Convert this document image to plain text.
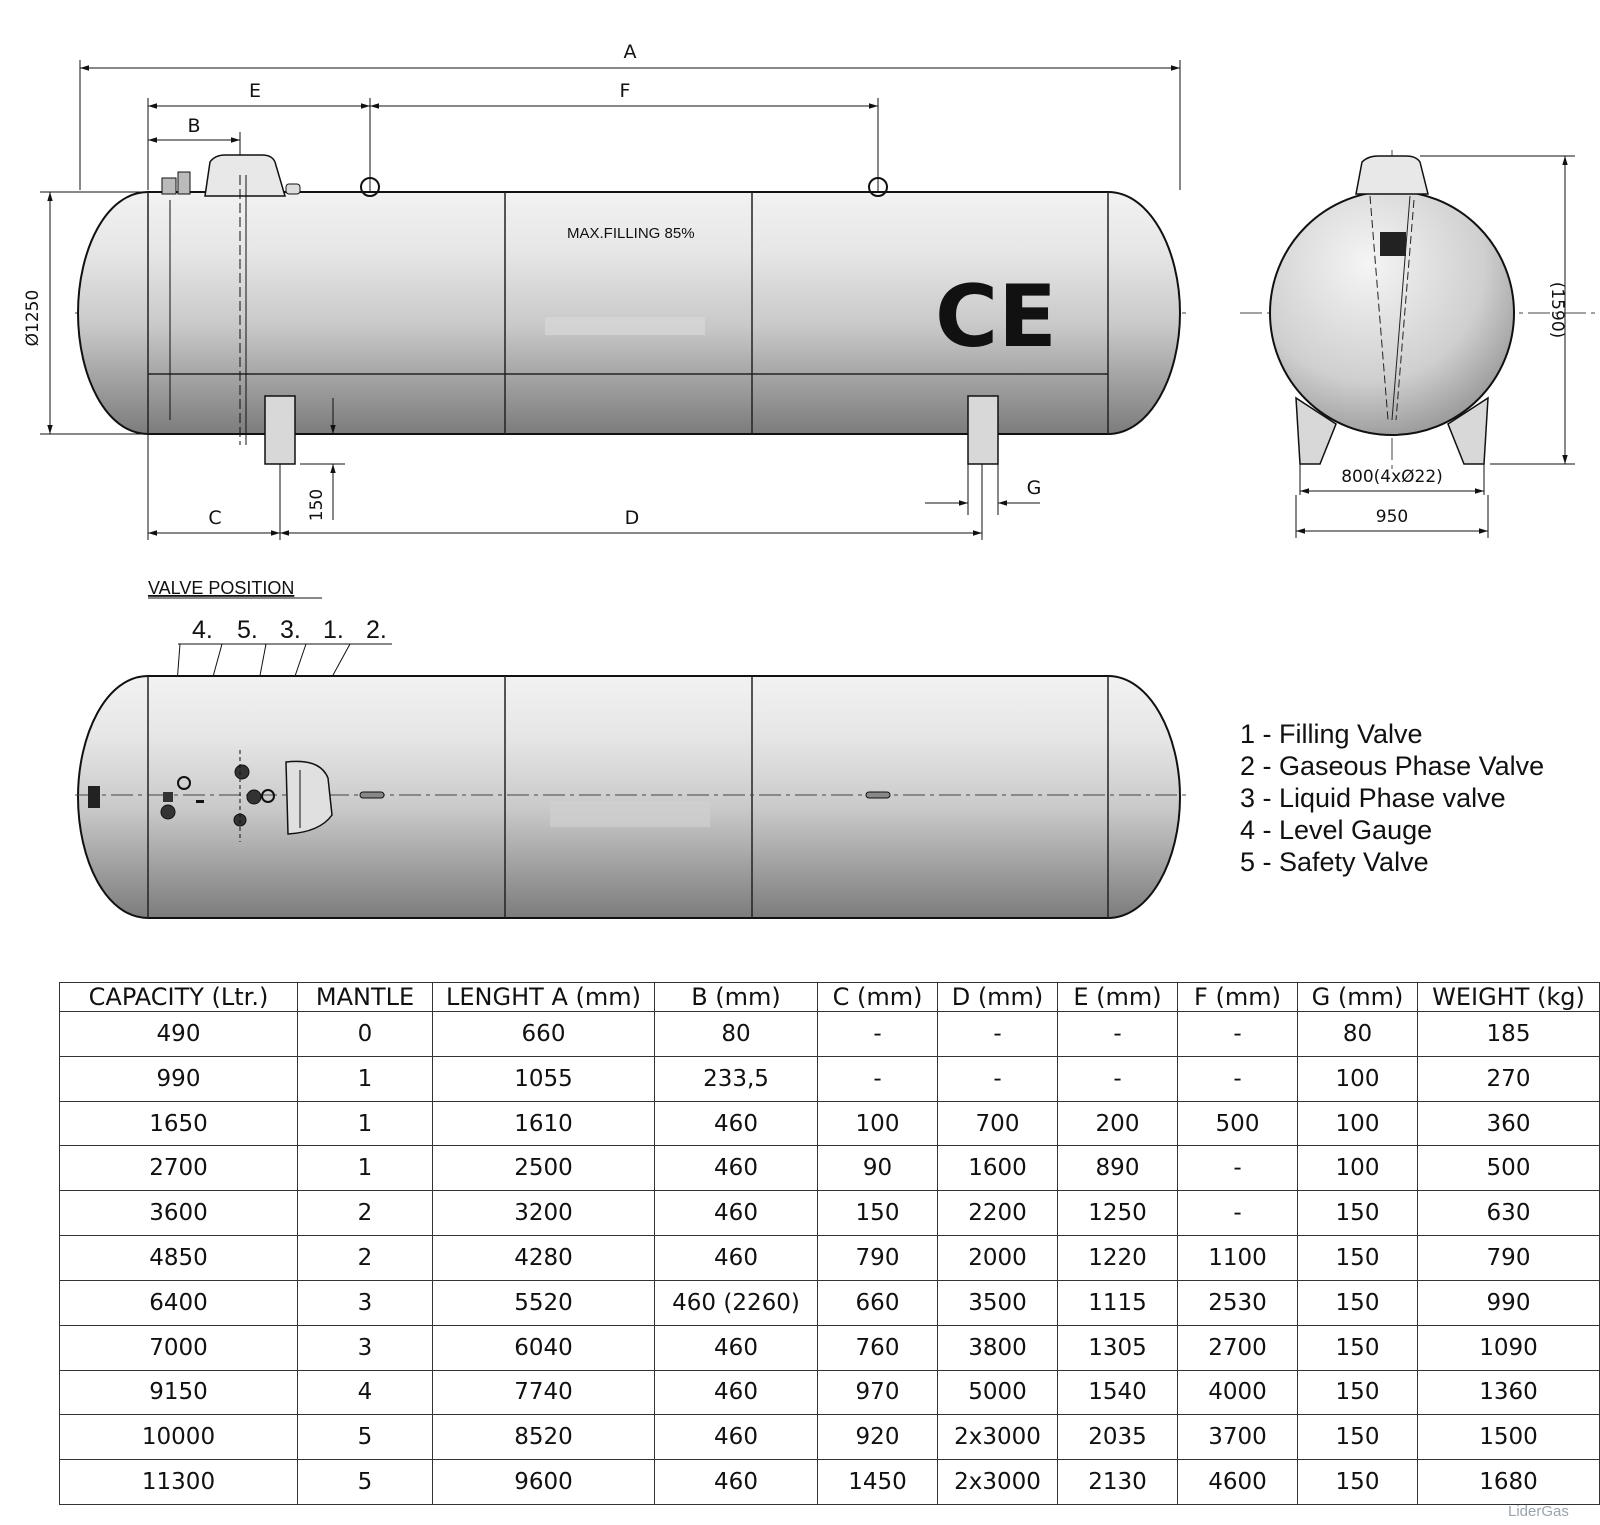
A
E	F
B
Ø1250
MAX.FILLING 85%
CE
150
C	D
G
(1590)
800(4xØ22)
950
VALVE POSITION
4. 5. 3. 1. 2.
1 - Filling Valve
2 - Gaseous Phase Valve
3 - Liquid Phase valve
4 - Level Gauge
5 - Safety Valve
CAPACITY (Ltr.)	MANTLE	LENGHT A (mm)	B (mm)	C (mm)	D (mm)	E (mm)	F (mm)	G (mm)	WEIGHT (kg)
490	0	660	80	-	-	-	-	80	185
990	1	1055	233,5	-	-	-	-	100	270
1650	1	1610	460	100	700	200	500	100	360
2700	1	2500	460	90	1600	890	-	100	500
3600	2	3200	460	150	2200	1250	-	150	630
4850	2	4280	460	790	2000	1220	1100	150	790
6400	3	5520	460 (2260)	660	3500	1115	2530	150	990
7000	3	6040	460	760	3800	1305	2700	150	1090
9150	4	7740	460	970	5000	1540	4000	150	1360
10000	5	8520	460	920	2x3000	2035	3700	150	1500
11300	5	9600	460	1450	2x3000	2130	4600	150	1680
LiderGas
